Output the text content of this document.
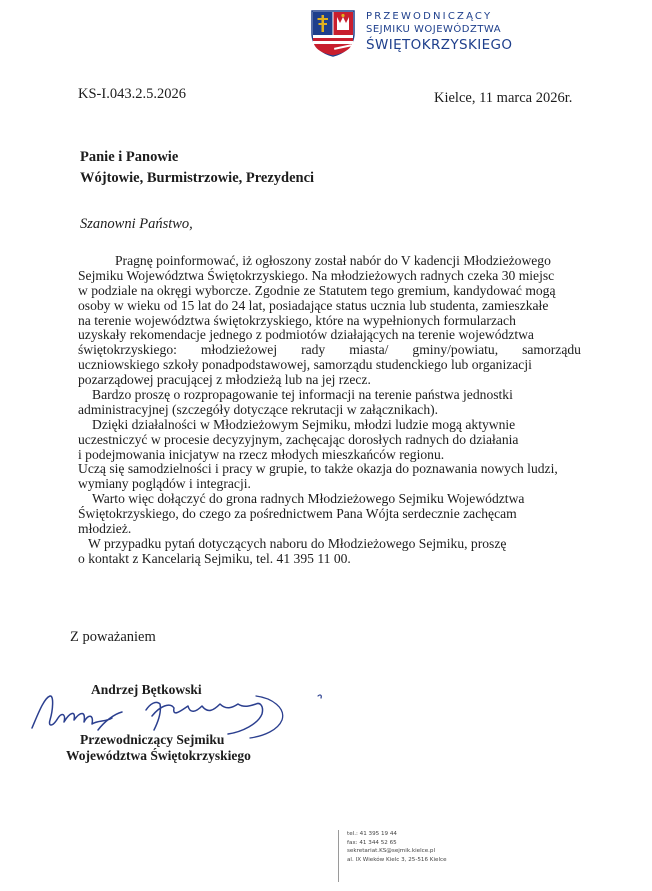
PRZEWODNICZĄCY
SEJMIKU WOJEWÓDZTWA
ŚWIĘTOKRZYSKIEGO
KS-I.043.2.5.2026	Kielce, 11 marca 2026r.
Panie i Panowie
Wójtowie, Burmistrzowie, Prezydenci
Szanowni Państwo,
Pragnę poinformować, iż ogłoszony został nabór do V kadencji Młodzieżowego
Sejmiku Województwa Świętokrzyskiego. Na młodzieżowych radnych czeka 30 miejsc
w podziale na okręgi wyborcze. Zgodnie ze Statutem tego gremium, kandydować mogą
osoby w wieku od 15 lat do 24 lat, posiadające status ucznia lub studenta, zamieszkałe
na terenie województwa świętokrzyskiego, które na wypełnionych formularzach
uzyskały rekomendacje jednego z podmiotów działających na terenie województwa
świętokrzyskiego: młodzieżowej rady miasta/ gminy/powiatu, samorządu
uczniowskiego szkoły ponadpodstawowej, samorządu studenckiego lub organizacji
pozarządowej pracującej z młodzieżą lub na jej rzecz.
Bardzo proszę o rozpropagowanie tej informacji na terenie państwa jednostki
administracyjnej (szczegóły dotyczące rekrutacji w załącznikach).
Dzięki działalności w Młodzieżowym Sejmiku, młodzi ludzie mogą aktywnie
uczestniczyć w procesie decyzyjnym, zachęcając dorosłych radnych do działania
i podejmowania inicjatyw na rzecz młodych mieszkańców regionu.
Uczą się samodzielności i pracy w grupie, to także okazja do poznawania nowych ludzi,
wymiany poglądów i integracji.
Warto więc dołączyć do grona radnych Młodzieżowego Sejmiku Województwa
Świętokrzyskiego, do czego za pośrednictwem Pana Wójta serdecznie zachęcam
młodzież.
W przypadku pytań dotyczących naboru do Młodzieżowego Sejmiku, proszę
o kontakt z Kancelarią Sejmiku, tel. 41 395 11 00.
Z poważaniem
Andrzej Bętkowski
Przewodniczący Sejmiku
Województwa Świętokrzyskiego
tel.: 41 395 19 44
fax: 41 344 52 65
sekretariat.KS@sejmik.kielce.pl
al. IX Wieków Kielc 3, 25-516 Kielce
